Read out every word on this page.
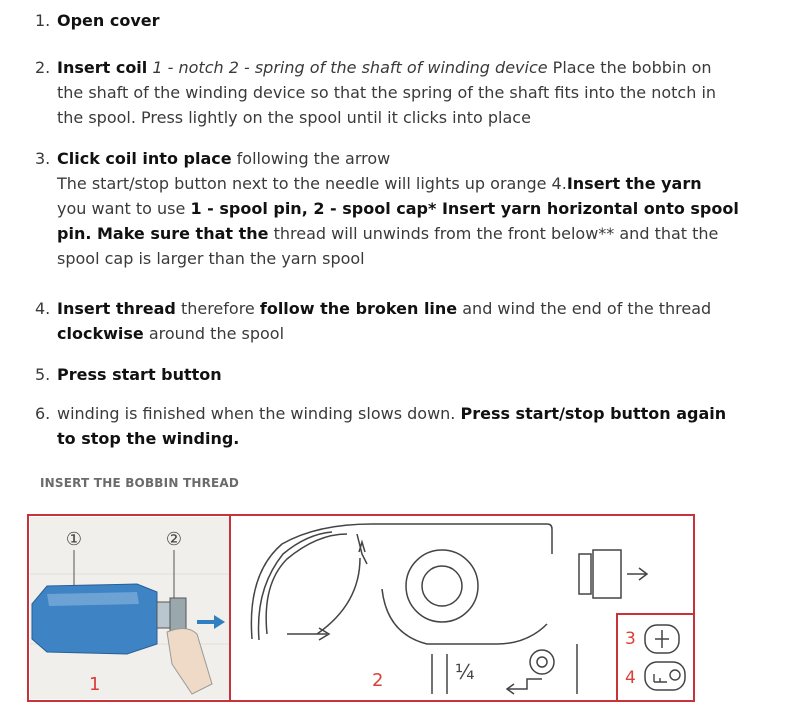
1. Open cover
2. Insert coil 1 - notch 2 - spring of the shaft of winding device Place the bobbin on
the shaft of the winding device so that the spring of the shaft fits into the notch in
the spool. Press lightly on the spool until it clicks into place
3. Click coil into place following the arrow
The start/stop button next to the needle will lights up orange 4.Insert the yarn
you want to use 1 - spool pin, 2 - spool cap* Insert yarn horizontal onto spool
pin. Make sure that the thread will unwinds from the front below** and that the
spool cap is larger than the yarn spool
4. Insert thread therefore follow the broken line and wind the end of the thread
clockwise around the spool
5. Press start button
6. winding is finished when the winding slows down. Press start/stop button again
to stop the winding.
INSERT THE BOBBIN THREAD
①	②
1	2	¼
3
4
